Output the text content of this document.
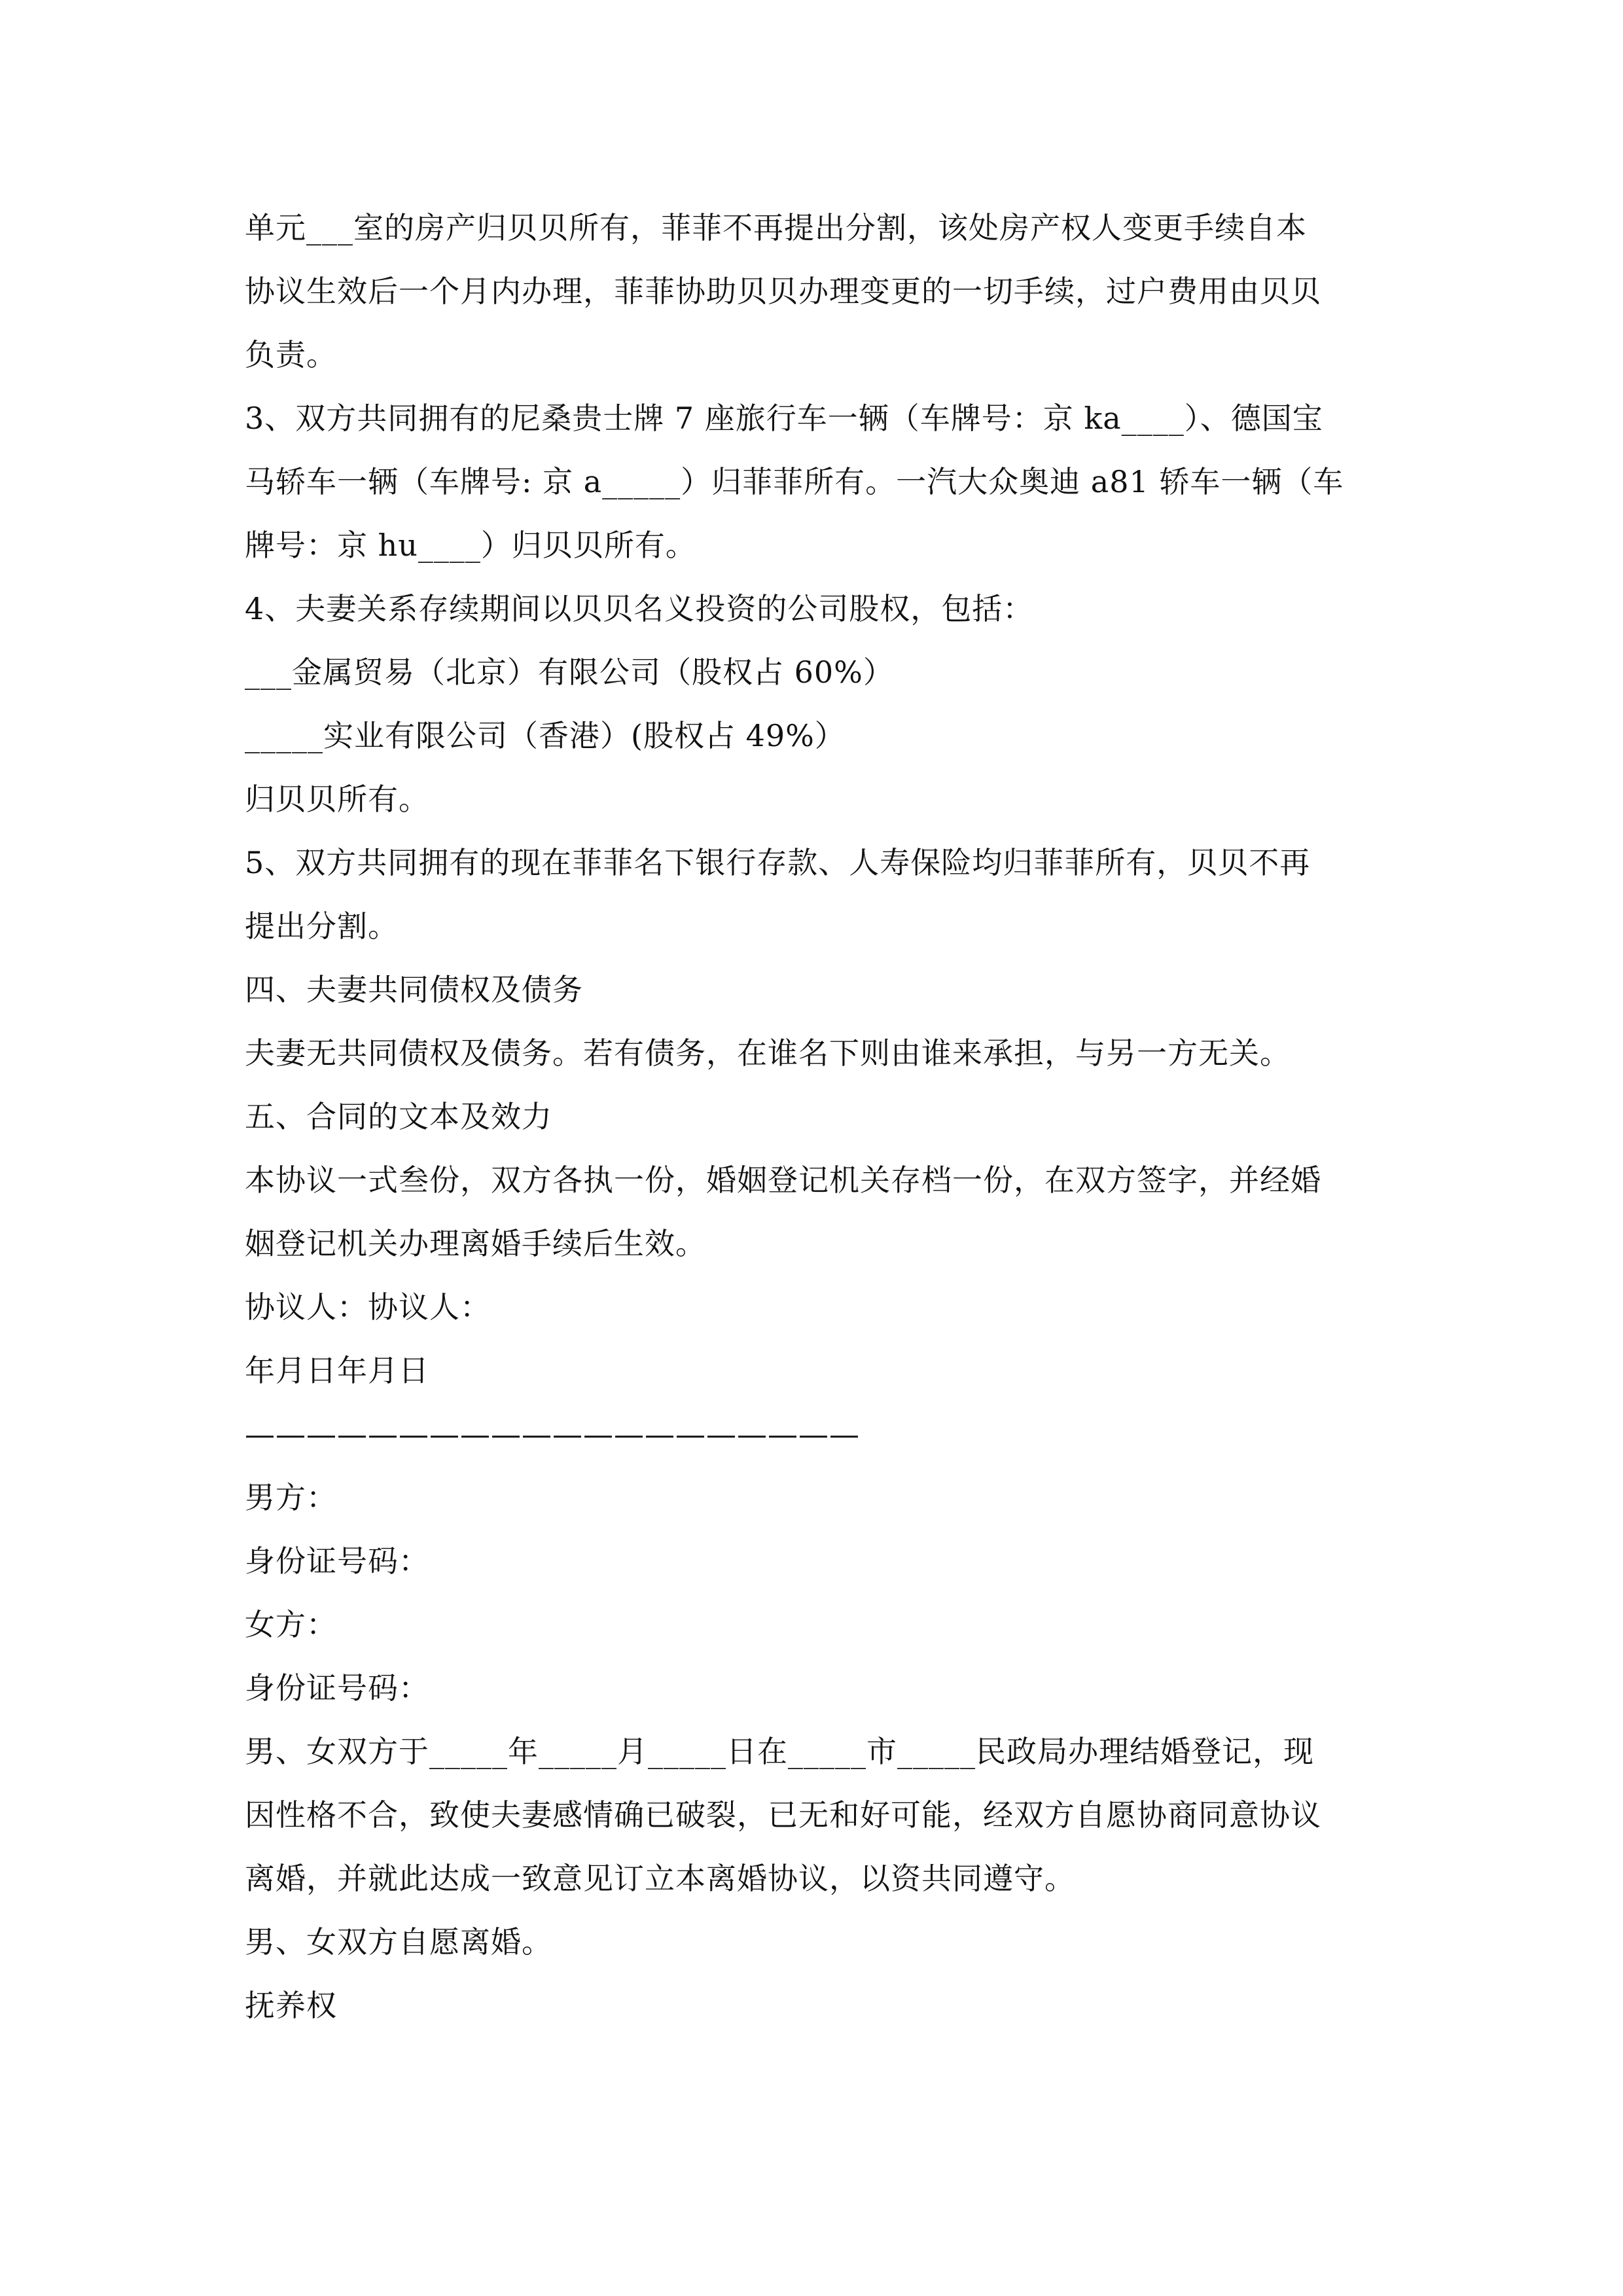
单元___室的房产归贝贝所有，菲菲不再提出分割，该处房产权人变更手续自本
协议生效后一个月内办理，菲菲协助贝贝办理变更的一切手续，过户费用由贝贝
负责。
3、双方共同拥有的尼桑贵士牌 7 座旅行车一辆（车牌号：京 ka____）、德国宝
马轿车一辆（车牌号: 京 a_____）归菲菲所有。一汽大众奥迪 a81 轿车一辆（车
牌号：京 hu____）归贝贝所有。
4、夫妻关系存续期间以贝贝名义投资的公司股权，包括：
___金属贸易（北京）有限公司（股权占 60%）
_____实业有限公司（香港）(股权占 49%）
归贝贝所有。
5、双方共同拥有的现在菲菲名下银行存款、人寿保险均归菲菲所有，贝贝不再
提出分割。
四、夫妻共同债权及债务
夫妻无共同债权及债务。若有债务，在谁名下则由谁来承担，与另一方无关。
五、合同的文本及效力
本协议一式叁份，双方各执一份，婚姻登记机关存档一份，在双方签字，并经婚
姻登记机关办理离婚手续后生效。
协议人：协议人：
年月日年月日
————————————————————
男方：
身份证号码：
女方：
身份证号码：
男、女双方于_____年_____月_____日在_____市_____民政局办理结婚登记，现
因性格不合，致使夫妻感情确已破裂，已无和好可能，经双方自愿协商同意协议
离婚，并就此达成一致意见订立本离婚协议，以资共同遵守。
男、女双方自愿离婚。
抚养权
